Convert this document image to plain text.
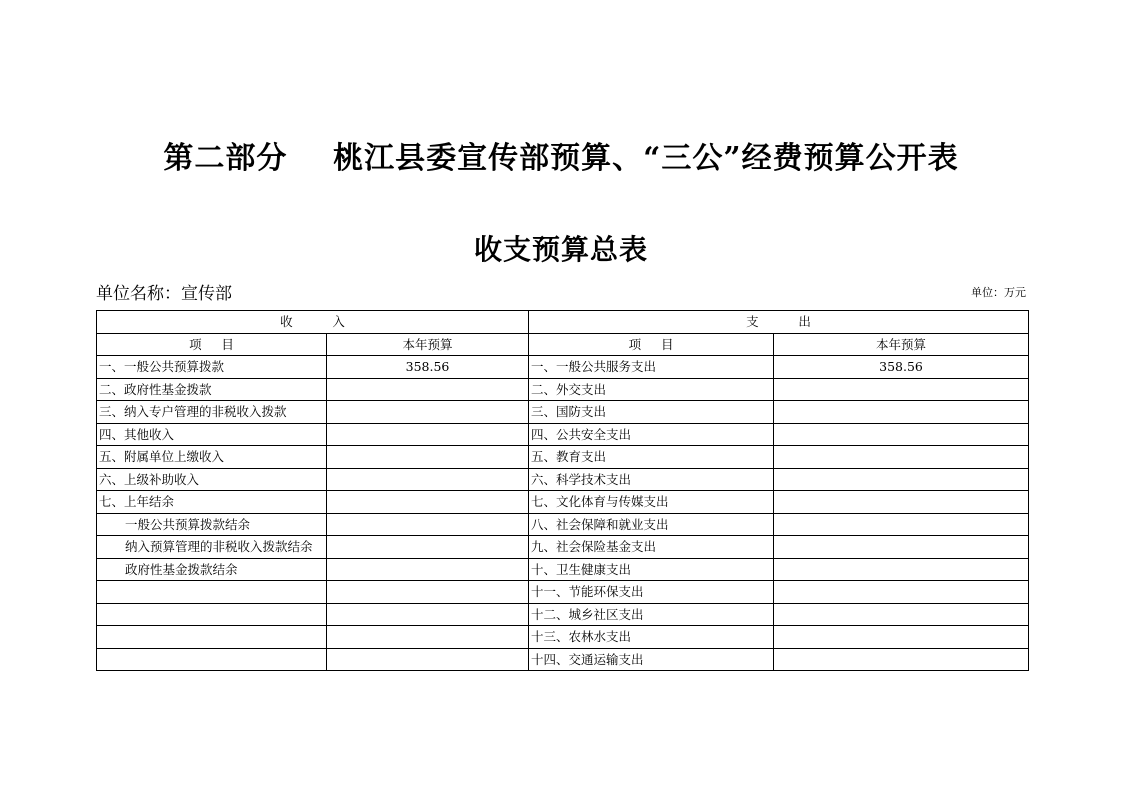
第二部分    桃江县委宣传部预算、“三公”经费预算公开表
收支预算总表
单位名称：宣传部	单位：万元
收          入		支          出	
项     目	本年预算	项     目	本年预算
一、一般公共预算拨款	358.56	一、一般公共服务支出	358.56
二、政府性基金拨款		二、外交支出	
三、纳入专户管理的非税收入拨款		三、国防支出	
四、其他收入		四、公共安全支出	
五、附属单位上缴收入		五、教育支出	
六、上级补助收入		六、科学技术支出	
七、上年结余		七、文化体育与传媒支出	
一般公共预算拨款结余		八、社会保障和就业支出	
纳入预算管理的非税收入拨款结余		九、社会保险基金支出	
政府性基金拨款结余		十、卫生健康支出	
		十一、节能环保支出	
		十二、城乡社区支出	
		十三、农林水支出	
		十四、交通运输支出	
